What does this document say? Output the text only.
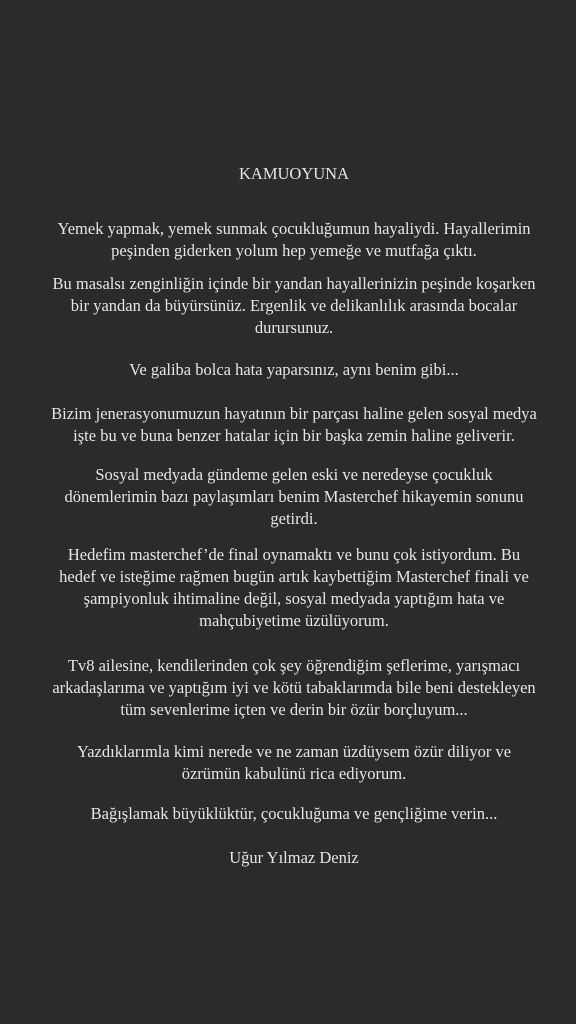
KAMUOYUNA

Yemek yapmak, yemek sunmak çocukluğumun hayaliydi. Hayallerimin
peşinden giderken yolum hep yemeğe ve mutfağa çıktı.

Bu masalsı zenginliğin içinde bir yandan hayallerinizin peşinde koşarken
bir yandan da büyürsünüz. Ergenlik ve delikanlılık arasında bocalar
durursunuz.

Ve galiba bolca hata yaparsınız, aynı benim gibi...

Bizim jenerasyonumuzun hayatının bir parçası haline gelen sosyal medya
işte bu ve buna benzer hatalar için bir başka zemin haline geliverir.

Sosyal medyada gündeme gelen eski ve neredeyse çocukluk
dönemlerimin bazı paylaşımları benim Masterchef hikayemin sonunu
getirdi.

Hedefim masterchef’de final oynamaktı ve bunu çok istiyordum. Bu
hedef ve isteğime rağmen bugün artık kaybettiğim Masterchef finali ve
şampiyonluk ihtimaline değil, sosyal medyada yaptığım hata ve
mahçubiyetime üzülüyorum.

Tv8 ailesine, kendilerinden çok şey öğrendiğim şeflerime, yarışmacı
arkadaşlarıma ve yaptığım iyi ve kötü tabaklarımda bile beni destekleyen
tüm sevenlerime içten ve derin bir özür borçluyum...

Yazdıklarımla kimi nerede ve ne zaman üzdüysem özür diliyor ve
özrümün kabulünü rica ediyorum.

Bağışlamak büyüklüktür, çocukluğuma ve gençliğime verin...

Uğur Yılmaz Deniz
